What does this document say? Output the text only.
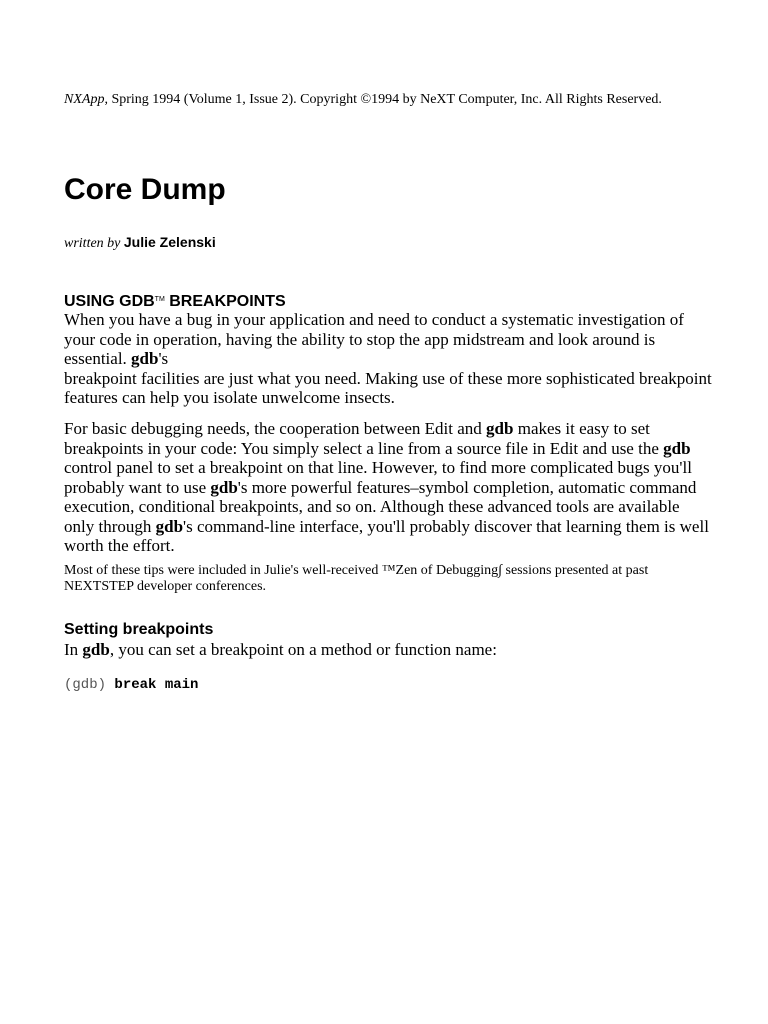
NXApp, Spring 1994 (Volume 1, Issue 2). Copyright ©1994 by NeXT Computer, Inc. All Rights Reserved.

Core Dump

written by Julie Zelenski

USING GDB™ BREAKPOINTS

When you have a bug in your application and need to conduct a systematic investigation of your code in operation, having the ability to stop the app midstream and look around is essential. gdb's
breakpoint facilities are just what you need. Making use of these more sophisticated breakpoint features can help you isolate unwelcome insects.

For basic debugging needs, the cooperation between Edit and gdb makes it easy to set breakpoints in your code: You simply select a line from a source file in Edit and use the gdb control panel to set a breakpoint on that line. However, to find more complicated bugs you'll probably want to use gdb's more powerful features–symbol completion, automatic command execution, conditional breakpoints, and so on. Although these advanced tools are available only through gdb's command-line interface, you'll probably discover that learning them is well worth the effort.

Most of these tips were included in Julie's well-received ™Zen of Debugging∫ sessions presented at past NEXTSTEP developer conferences.

Setting breakpoints

In gdb, you can set a breakpoint on a method or function name:

(gdb) break main
